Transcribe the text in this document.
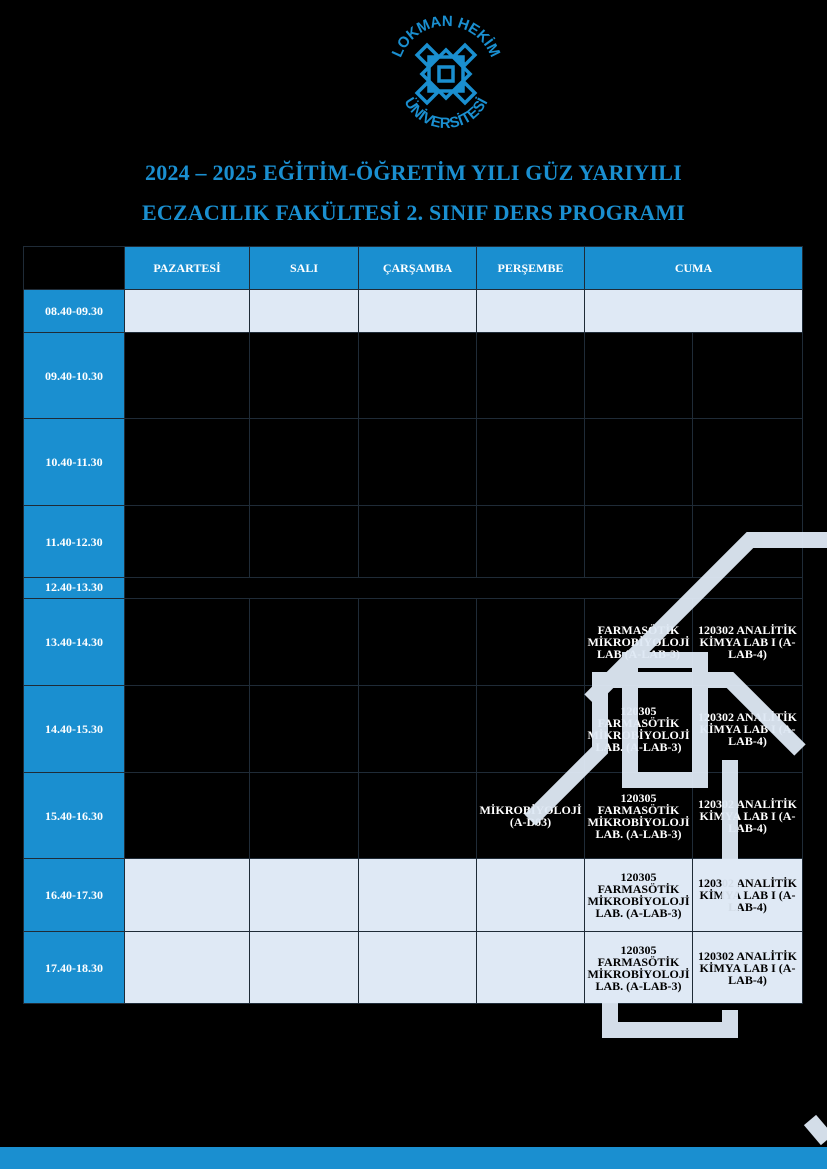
LOKMAN HEKİM
ÜNİVERSİTESİ
2024 – 2025 EĞİTİM-ÖĞRETİM YILI GÜZ YARIYILI
ECZACILIK FAKÜLTESİ 2. SINIF DERS PROGRAMI
	PAZARTESİ	SALI	ÇARŞAMBA	PERŞEMBE	CUMA	
08.40-09.30						
09.40-10.30						
10.40-11.30						
11.40-12.30						
12.40-13.30						
13.40-14.30					FARMASÖTİK MİKROBİYOLOJİ LAB (A-LAB-3)	120302 ANALİTİK KİMYA LAB I (A- LAB-4)
14.40-15.30					120305 FARMASÖTİK MİKROBİYOLOJİ LAB. (A-LAB-3)	120302 ANALİTİK KİMYA LAB I (A-LAB-4)
15.40-16.30				MİKROBİYOLOJİ (A-D03)	120305 FARMASÖTİK MİKROBİYOLOJİ LAB. (A-LAB-3)	120302 ANALİTİK KİMYA LAB I (A-LAB-4)
16.40-17.30					120305 FARMASÖTİK MİKROBİYOLOJİ LAB. (A-LAB-3)	120302 ANALİTİK KİMYA LAB I (A-LAB-4)
17.40-18.30					120305 FARMASÖTİK MİKROBİYOLOJİ LAB. (A-LAB-3)	120302 ANALİTİK KİMYA LAB I (A-LAB-4)
Dersler ilgili Anabilim Dalı
